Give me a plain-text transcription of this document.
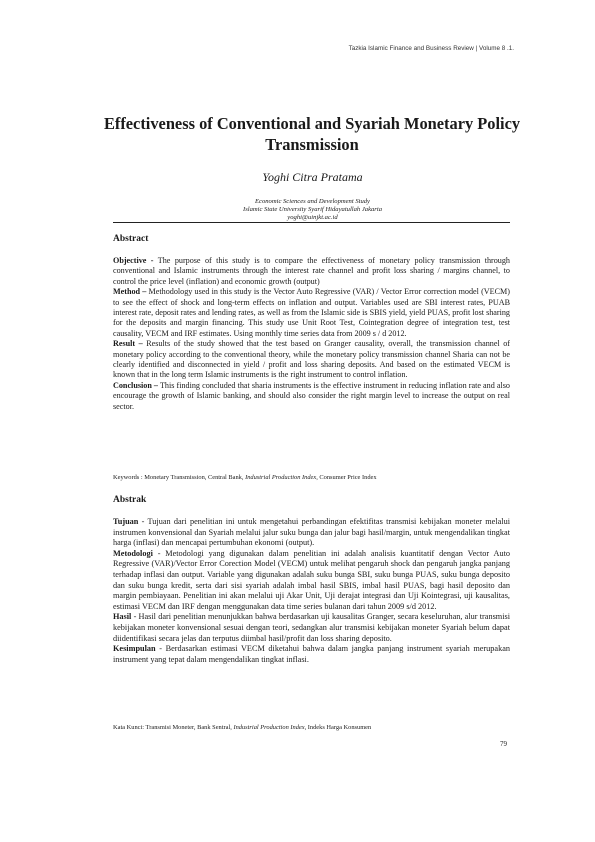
Tazkia Islamic Finance and Business Review | Volume 8 .1.
Effectiveness of Conventional and Syariah Monetary Policy Transmission
Yoghi Citra Pratama
Economic Sciences and Development Study
Islamic State University Syarif Hidayatullah Jakarta
yoghi@uinjkt.ac.id
Abstract

Objective - The purpose of this study is to compare the effectiveness of monetary policy transmission through conventional and Islamic instruments through the interest rate channel and profit loss sharing / margins channel, to control the price level (inflation) and economic growth (output)

Method – Methodology used in this study is the Vector Auto Regressive (VAR) / Vector Error correction model (VECM) to see the effect of shock and long-term effects on inflation and output. Variables used are SBI interest rates, PUAB interest rate, deposit rates and lending rates, as well as from the Islamic side is SBIS yield, yield PUAS, profit lost sharing for the deposits and margin financing. This study use Unit Root Test, Cointegration degree of integration test, test causality, VECM and IRF estimates. Using monthly time series data from 2009 s / d 2012.

Result – Results of the study showed that the test based on Granger causality, overall, the transmission channel of monetary policy according to the conventional theory, while the monetary policy transmission channel Sharia can not be clearly identified and disconnected in yield / profit and loss sharing deposits. And based on the estimated VECM is known that in the long term Islamic instruments is the right instrument to control inflation.

Conclusion – This finding concluded that sharia instruments is the effective instrument in reducing inflation rate and also encourage the growth of Islamic banking, and should also consider the right margin level to increase the output on real sector.

Keywords : Monetary Transmission, Central Bank, Industrial Production Index, Consumer Price Index
Abstrak

Tujuan - Tujuan dari penelitian ini untuk mengetahui perbandingan efektifitas transmisi kebijakan moneter melalui instrumen konvensional dan Syariah melalui jalur suku bunga dan jalur bagi hasil/margin, untuk mengendalikan tingkat harga (inflasi) dan mencapai pertumbuhan ekonomi (output).

Metodologi - Metodologi yang digunakan dalam penelitian ini adalah analisis kuantitatif dengan Vector Auto Regressive (VAR)/Vector Error Corection Model (VECM) untuk melihat pengaruh shock dan pengaruh jangka panjang terhadap inflasi dan output. Variable yang digunakan adalah suku bunga SBI, suku bunga PUAS, suku bunga deposito dan suku bunga kredit, serta dari sisi syariah adalah imbal hasil SBIS, imbal hasil PUAS, bagi hasil deposito dan margin pembiayaan. Penelitian ini akan melalui uji Akar Unit, Uji derajat integrasi dan Uji Kointegrasi, uji kausalitas, estimasi VECM dan IRF dengan menggunakan data time series bulanan dari tahun 2009 s/d 2012.

Hasil - Hasil dari penelitian menunjukkan bahwa berdasarkan uji kausalitas Granger, secara keseluruhan, alur transmisi kebijakan moneter konvensional sesuai dengan teori, sedangkan alur transmisi kebijakan moneter Syariah belum dapat diidentifikasi secara jelas dan terputus diimbal hasil/profit dan loss sharing deposito.

Kesimpulan - Berdasarkan estimasi VECM diketahui bahwa dalam jangka panjang instrument syariah merupakan instrument yang tepat dalam mengendalikan tingkat inflasi.

Kata Kunci: Transmisi Moneter, Bank Sentral, Industrial Production Index, Indeks Harga Konsumen
79
